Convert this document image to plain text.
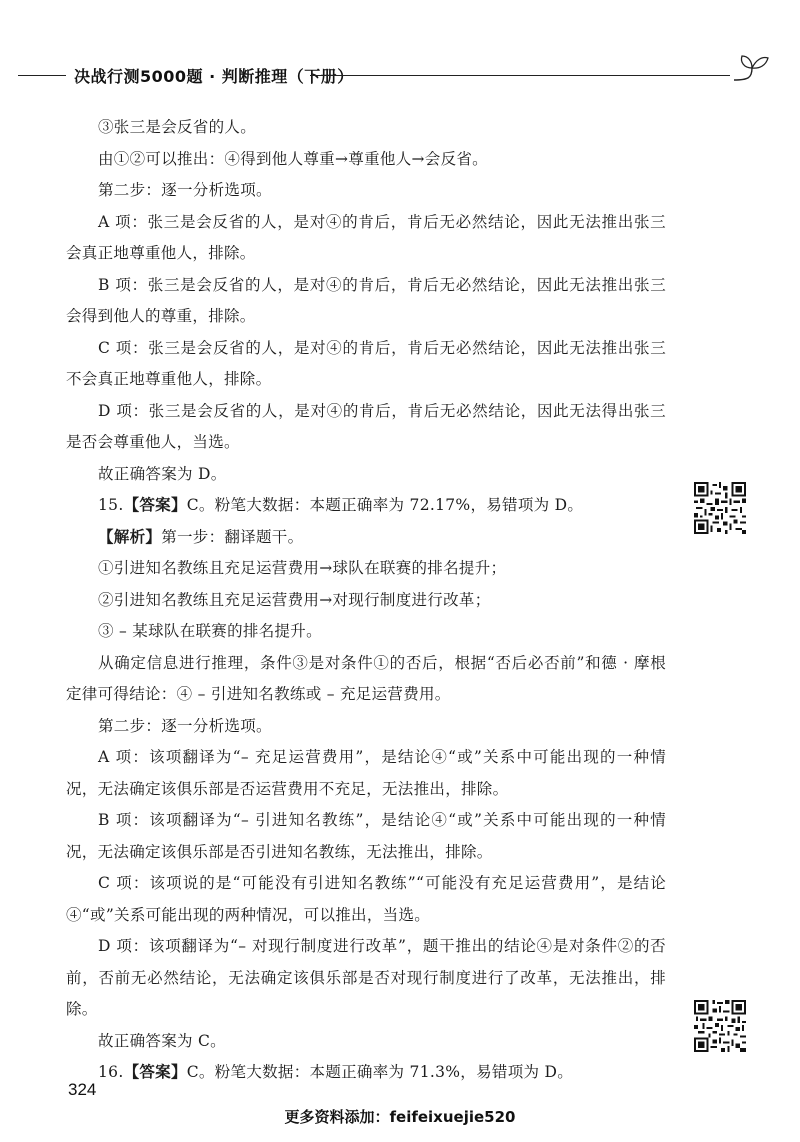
决战行测5000题 · 判断推理（下册）

③张三是会反省的人。

由①②可以推出：④得到他人尊重→尊重他人→会反省。

第二步：逐一分析选项。

A 项：张三是会反省的人，是对④的肯后，肯后无必然结论，因此无法推出张三会真正地尊重他人，排除。

B 项：张三是会反省的人，是对④的肯后，肯后无必然结论，因此无法推出张三会得到他人的尊重，排除。

C 项：张三是会反省的人，是对④的肯后，肯后无必然结论，因此无法推出张三不会真正地尊重他人，排除。

D 项：张三是会反省的人，是对④的肯后，肯后无必然结论，因此无法得出张三是否会尊重他人，当选。

故正确答案为 D。

15.【答案】C。粉笔大数据：本题正确率为 72.17%，易错项为 D。

【解析】第一步：翻译题干。

①引进知名教练且充足运营费用→球队在联赛的排名提升；

②引进知名教练且充足运营费用→对现行制度进行改革；

③ – 某球队在联赛的排名提升。

从确定信息进行推理，条件③是对条件①的否后，根据“否后必否前”和德 · 摩根定律可得结论：④ – 引进知名教练或 – 充足运营费用。

第二步：逐一分析选项。

A 项：该项翻译为“– 充足运营费用”，是结论④“或”关系中可能出现的一种情况，无法确定该俱乐部是否运营费用不充足，无法推出，排除。

B 项：该项翻译为“– 引进知名教练”，是结论④“或”关系中可能出现的一种情况，无法确定该俱乐部是否引进知名教练，无法推出，排除。

C 项：该项说的是“可能没有引进知名教练”“可能没有充足运营费用”，是结论④“或”关系可能出现的两种情况，可以推出，当选。

D 项：该项翻译为“– 对现行制度进行改革”，题干推出的结论④是对条件②的否前，否前无必然结论，无法确定该俱乐部是否对现行制度进行了改革，无法推出，排除。

故正确答案为 C。

16.【答案】C。粉笔大数据：本题正确率为 71.3%，易错项为 D。

324
更多资料添加：feifeixuejie520
